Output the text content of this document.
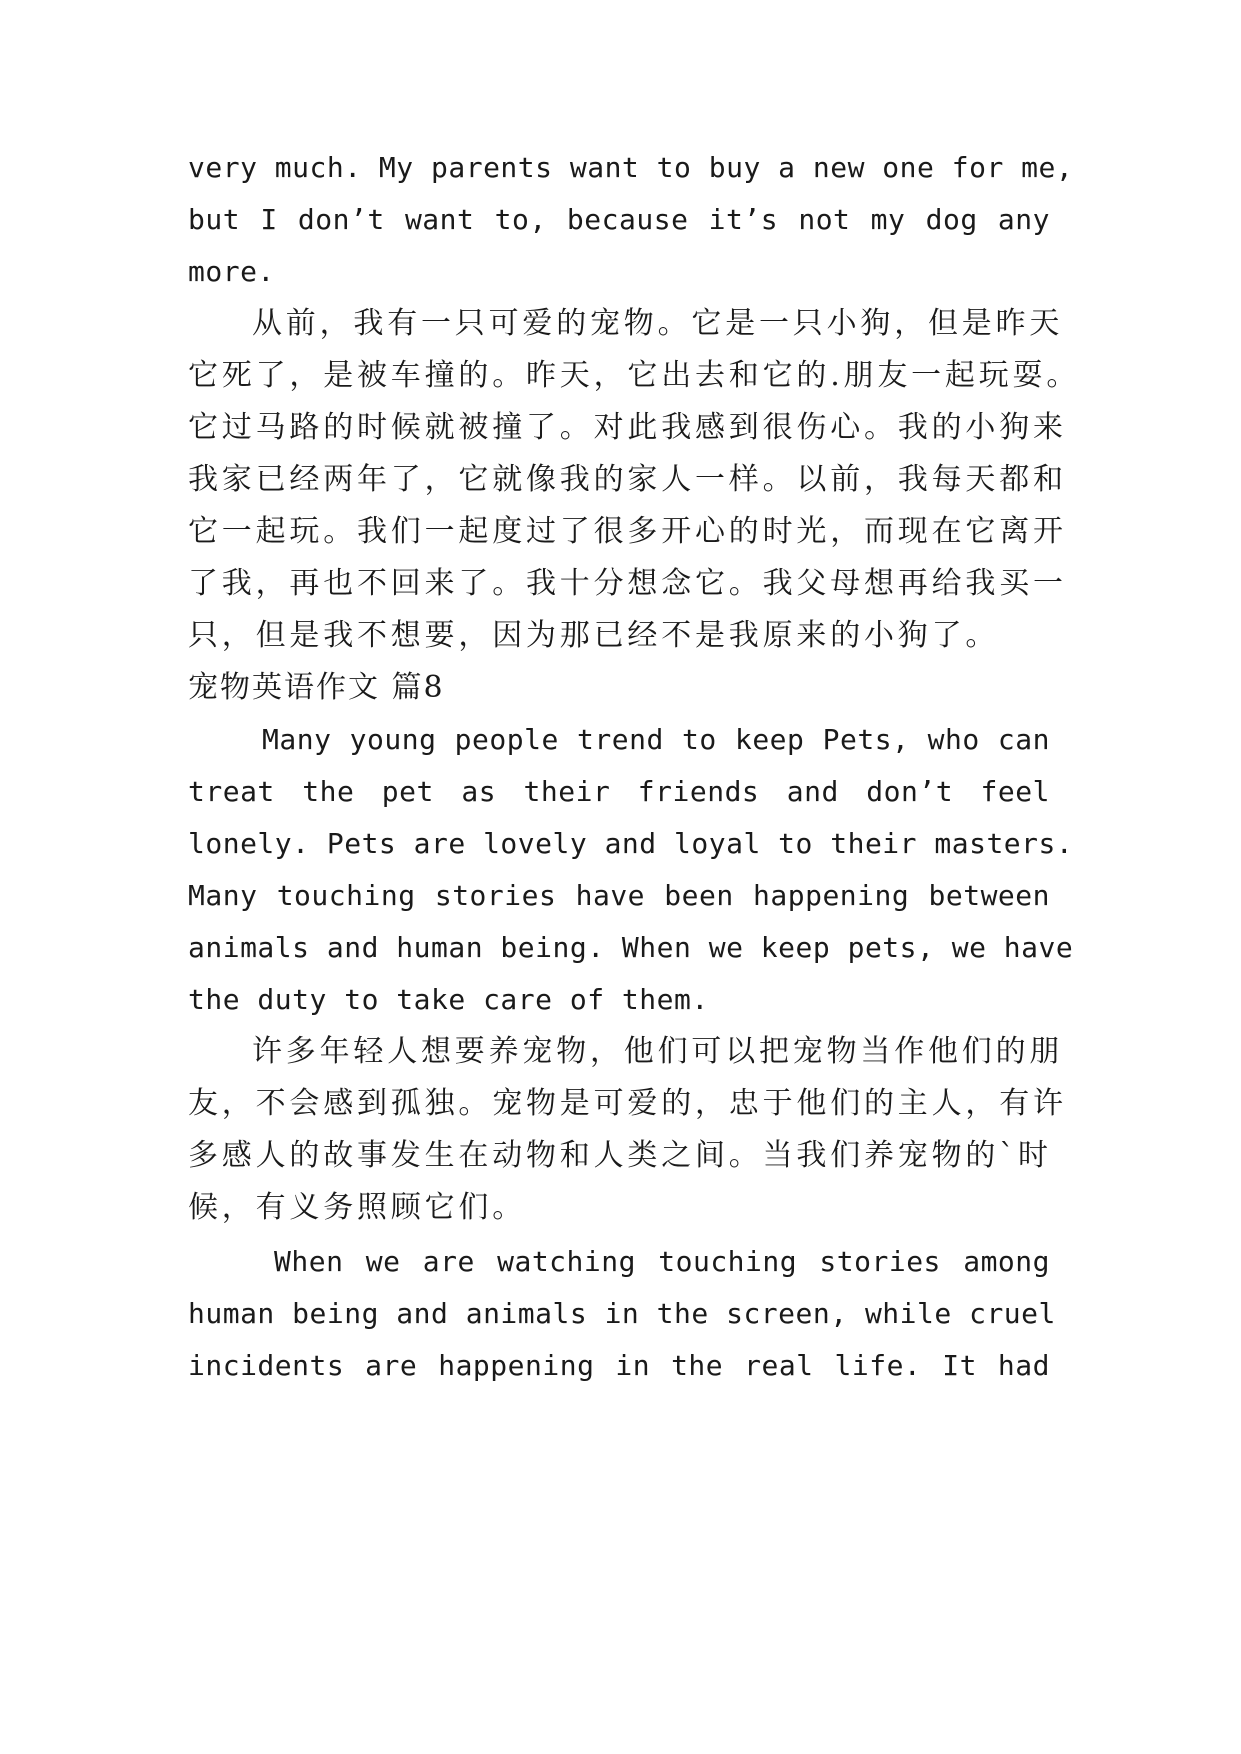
very much. My parents want to buy a new one for me,
but I don’t want to, because it’s not my dog any
more.
从前，我有一只可爱的宠物。它是一只小狗，但是昨天
它死了，是被车撞的。昨天，它出去和它的.朋友一起玩耍。
它过马路的时候就被撞了。对此我感到很伤心。我的小狗来
我家已经两年了，它就像我的家人一样。以前，我每天都和
它一起玩。我们一起度过了很多开心的时光，而现在它离开
了我，再也不回来了。我十分想念它。我父母想再给我买一
只，但是我不想要，因为那已经不是我原来的小狗了。
宠物英语作文 篇8
Many young people trend to keep Pets, who can
treat the pet as their friends and don’t feel
lonely. Pets are lovely and loyal to their masters.
Many touching stories have been happening between
animals and human being. When we keep pets, we have
the duty to take care of them.
许多年轻人想要养宠物，他们可以把宠物当作他们的朋
友，不会感到孤独。宠物是可爱的，忠于他们的主人，有许
多感人的故事发生在动物和人类之间。当我们养宠物的`时
候，有义务照顾它们。
When we are watching touching stories among
human being and animals in the screen, while cruel
incidents are happening in the real life. It had
